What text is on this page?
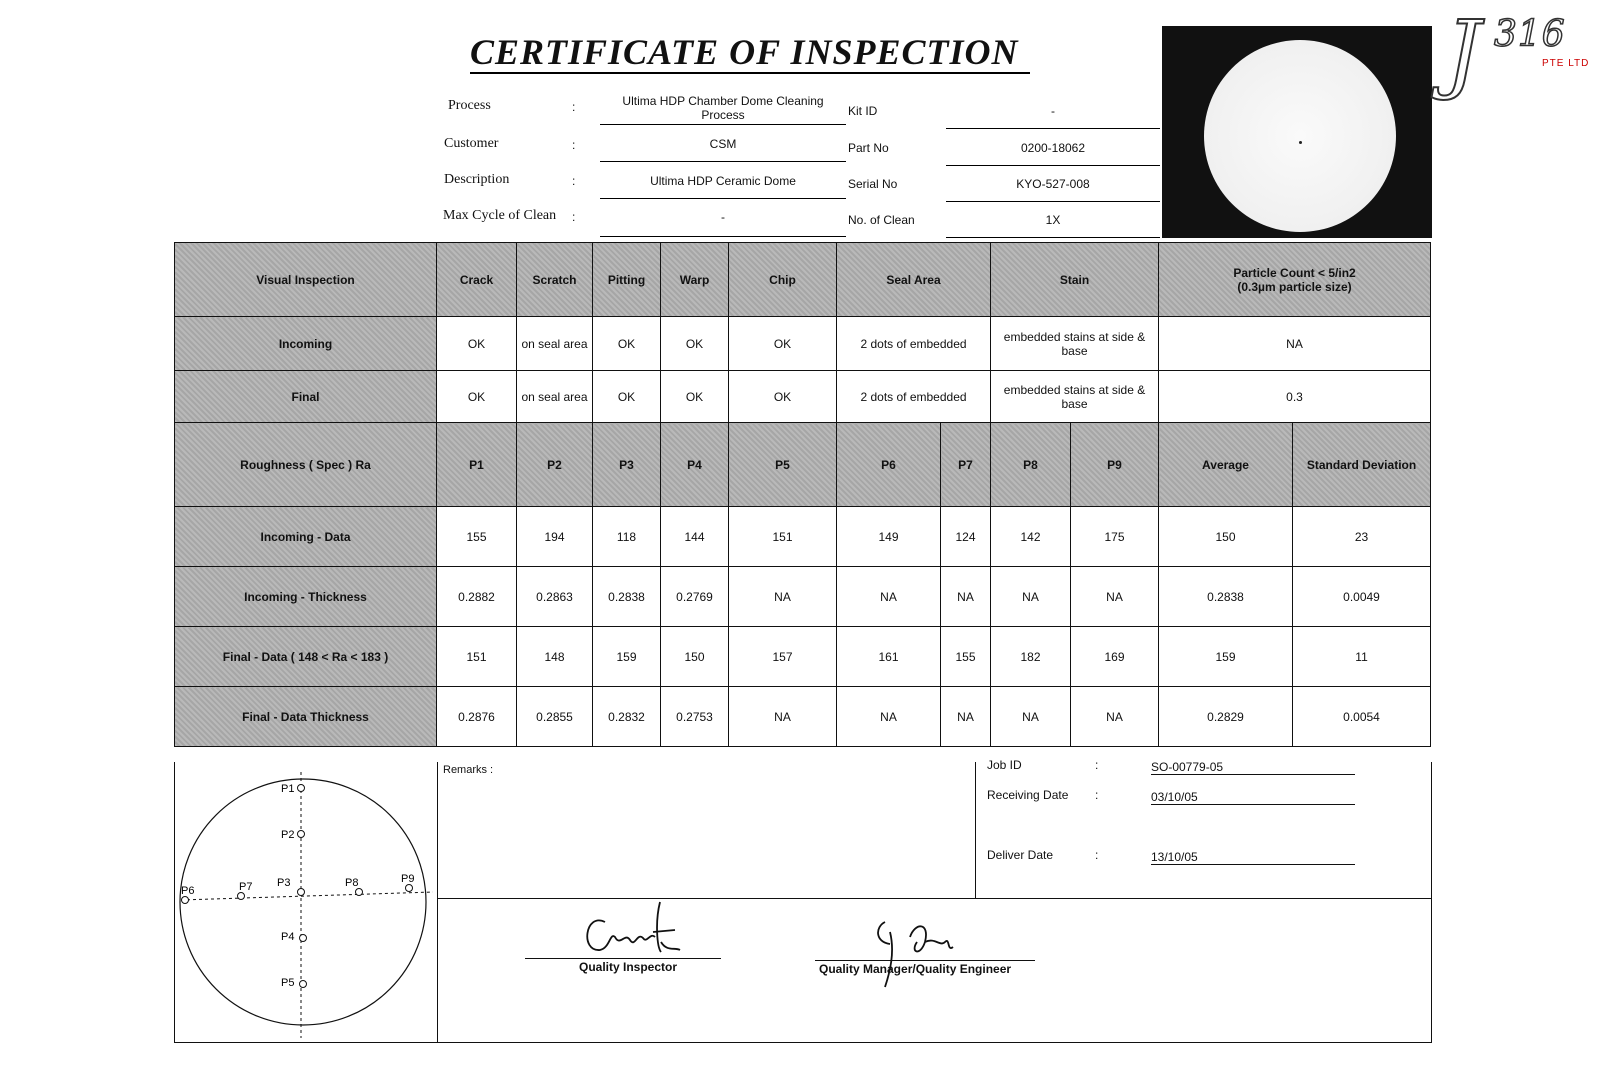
CERTIFICATE OF INSPECTION
Process	:	Ultima HDP Chamber Dome Cleaning
Process
Customer	:	CSM
Description	:	Ultima HDP Ceramic Dome
Max Cycle of Clean :	-
Kit ID	-
Part No	0200-18062
Serial No	KYO-527-008
No. of Clean	1X
J 316
PTE LTD
Visual Inspection	Crack	Scratch	Pitting	Warp	Chip	Seal Area		Stain		Particle Count < 5/in2
(0.3µm particle size)	

Incoming	OK	on seal area	OK	OK	OK	2 dots of embedded		embedded stains at side & base		NA	
Final	OK	on seal area	OK	OK	OK	2 dots of embedded		embedded stains at side & base		0.3	
Roughness ( Spec ) Ra	P1	P2	P3	P4	P5	P6	P7	P8	P9	Average	Standard Deviation
Incoming - Data	155	194	118	144	151	149	124	142	175	150	23
Incoming - Thickness	0.2882	0.2863	0.2838	0.2769	NA	NA	NA	NA	NA	0.2838	0.0049
Final - Data ( 148 < Ra < 183 )	151	148	159	150	157	161	155	182	169	159	11
Final - Data Thickness	0.2876	0.2855	0.2832	0.2753	NA	NA	NA	NA	NA	0.2829	0.0054
P1
P2
P3
P4
P5
P6	P7	P8	P9
Remarks :	Job ID	:	SO-00779-05
Receiving Date :	03/10/05
Deliver Date	:	13/10/05
Quality Inspector	Quality Manager/Quality Engineer
